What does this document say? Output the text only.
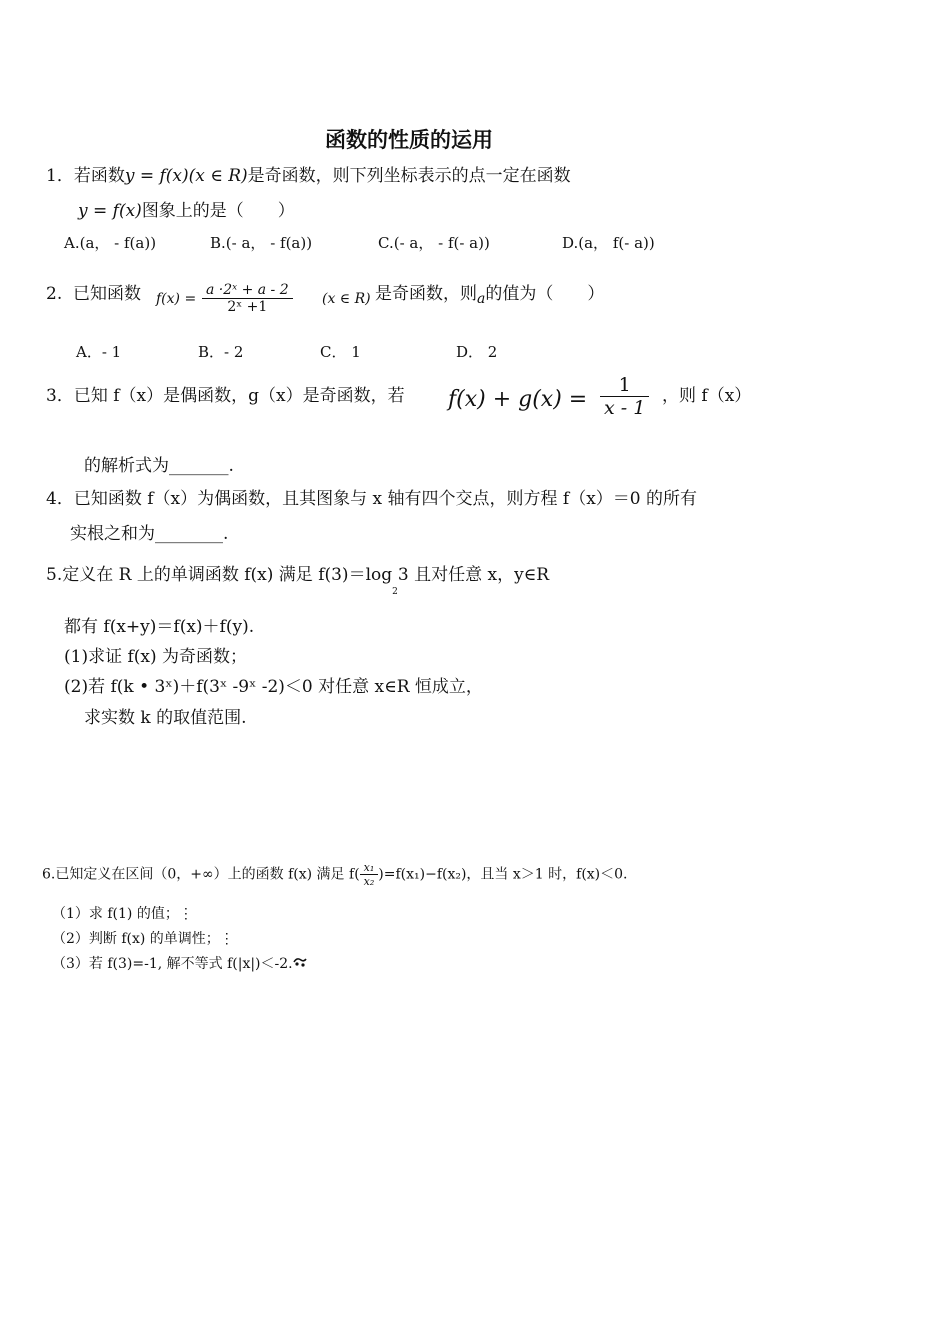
函数的性质的运用
1．若函数y = f(x)(x ∈ R)是奇函数，则下列坐标表示的点一定在函数
y = f(x)图象上的是（　　）
A.(a， - f(a))	B.(- a， - f(a))	C.(- a， - f(- a))	D.(a， f(- a))
2. 已知函数 $f(x) = \frac{\text{a ·2ˣ + a - 2}}{\text{2ˣ +1}} (x$ ∈ R) 是奇函数，则$_a$的值为（　　）
A．- 1	B．- 2	C． 1	D． 2
3．已知 f（x）是偶函数，g（x）是奇函数，若 $f(x) + g(x) = \frac{1}{x - 1}$ ，则 f（x）
的解析式为_______.
4．已知函数 f（x）为偶函数，且其图象与 x 轴有四个交点，则方程 f（x）＝0 的所有
实根之和为________.
5.定义在 R 上的单调函数 f(x) 满足 $f(3)=\log_23$ 且对任意 x，y∈R
都有 f(x+y)＝f(x)＋f(y).
(1)求证 f(x) 为奇函数；
(2)若 f(k • 3ˣ)＋f(3ˣ -9ˣ -2)＜0 对任意 x∈R 恒成立，
求实数 k 的取值范围.
6.已知定义在区间（0，+∞）上的函数 f(x) 满足 $f( \frac{\text{x₁}}{\text{x₂}} )=f(x_1)-f(x_2)$，且当 x＞1 时，f(x)＜0.
（1）求 f(1) 的值；⋮
（2）判断 f(x) 的单调性；⋮
（3）若 f(3)=-1, 解不等式 f(|x|)＜-2.
